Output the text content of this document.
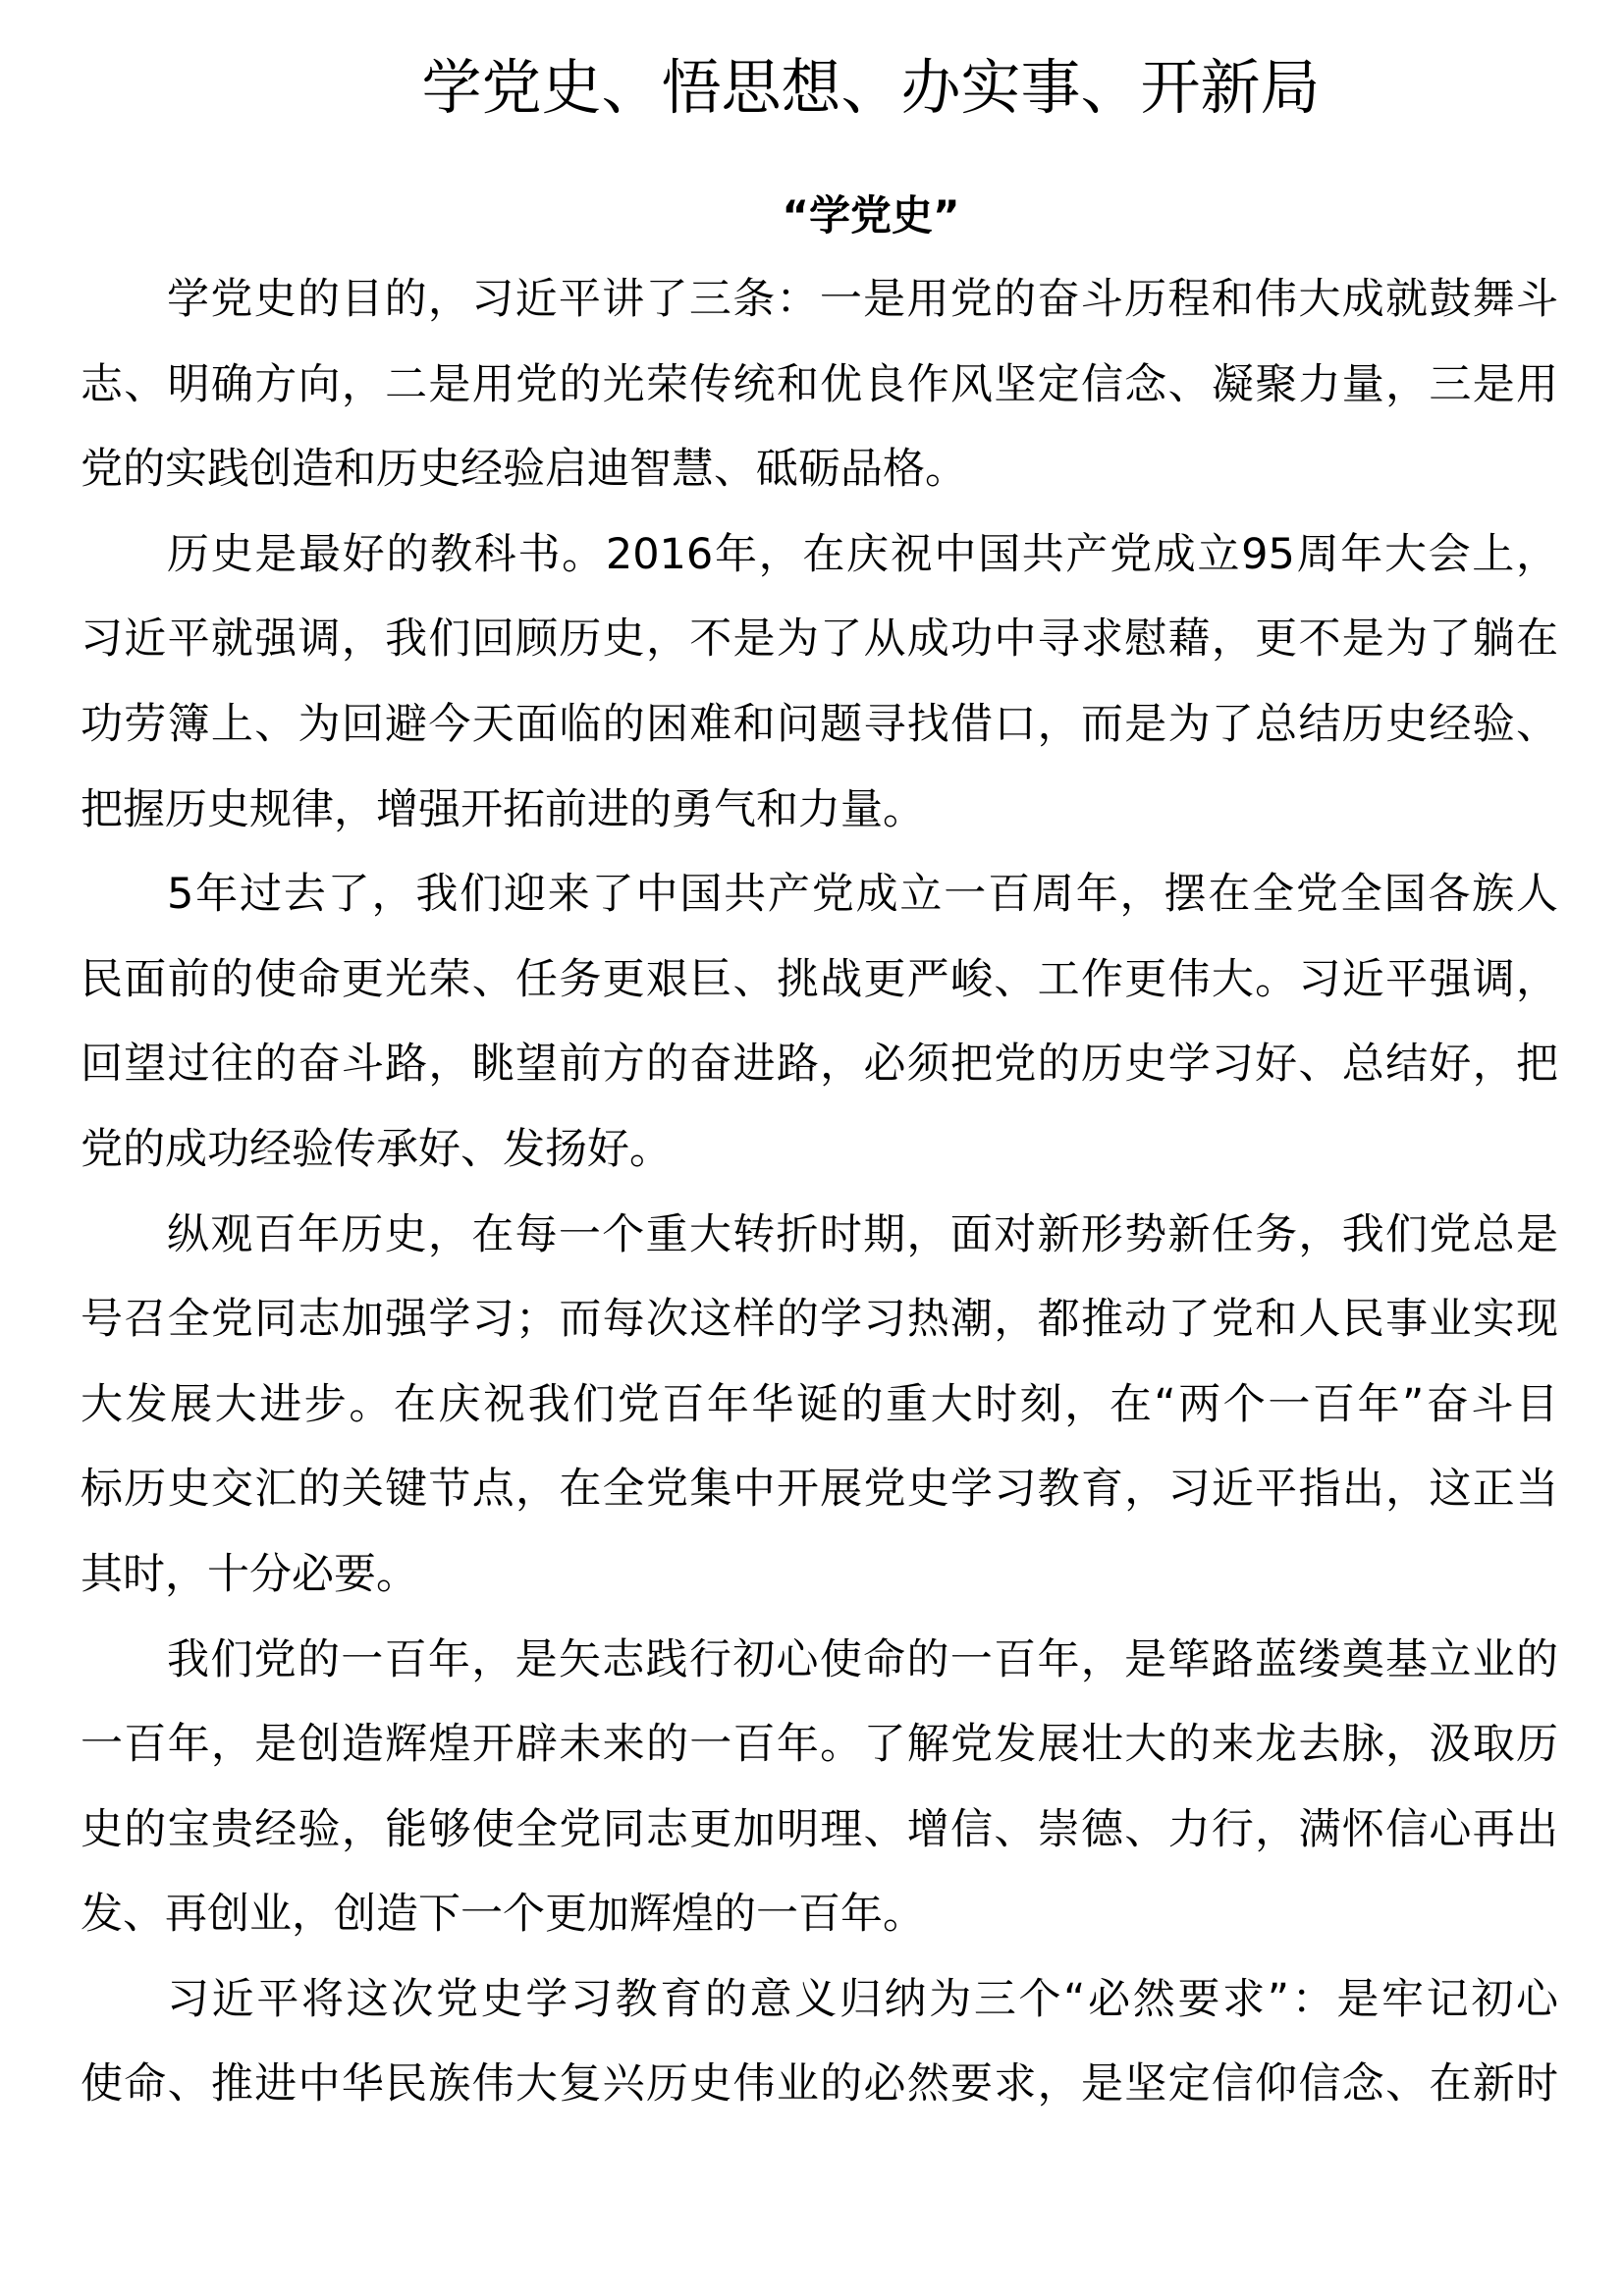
学党史、悟思想、办实事、开新局
“学党史”
学党史的目的，习近平讲了三条：一是用党的奋斗历程和伟大成就鼓舞斗
志、明确方向，二是用党的光荣传统和优良作风坚定信念、凝聚力量，三是用
党的实践创造和历史经验启迪智慧、砥砺品格。
历史是最好的教科书。2016年，在庆祝中国共产党成立95周年大会上，
习近平就强调，我们回顾历史，不是为了从成功中寻求慰藉，更不是为了躺在
功劳簿上、为回避今天面临的困难和问题寻找借口，而是为了总结历史经验、
把握历史规律，增强开拓前进的勇气和力量。
5年过去了，我们迎来了中国共产党成立一百周年，摆在全党全国各族人
民面前的使命更光荣、任务更艰巨、挑战更严峻、工作更伟大。习近平强调，
回望过往的奋斗路，眺望前方的奋进路，必须把党的历史学习好、总结好，把
党的成功经验传承好、发扬好。
纵观百年历史，在每一个重大转折时期，面对新形势新任务，我们党总是
号召全党同志加强学习；而每次这样的学习热潮，都推动了党和人民事业实现
大发展大进步。在庆祝我们党百年华诞的重大时刻，在“两个一百年”奋斗目
标历史交汇的关键节点，在全党集中开展党史学习教育，习近平指出，这正当
其时，十分必要。
我们党的一百年，是矢志践行初心使命的一百年，是筚路蓝缕奠基立业的
一百年，是创造辉煌开辟未来的一百年。了解党发展壮大的来龙去脉，汲取历
史的宝贵经验，能够使全党同志更加明理、增信、崇德、力行，满怀信心再出
发、再创业，创造下一个更加辉煌的一百年。
习近平将这次党史学习教育的意义归纳为三个“必然要求”：是牢记初心
使命、推进中华民族伟大复兴历史伟业的必然要求，是坚定信仰信念、在新时
